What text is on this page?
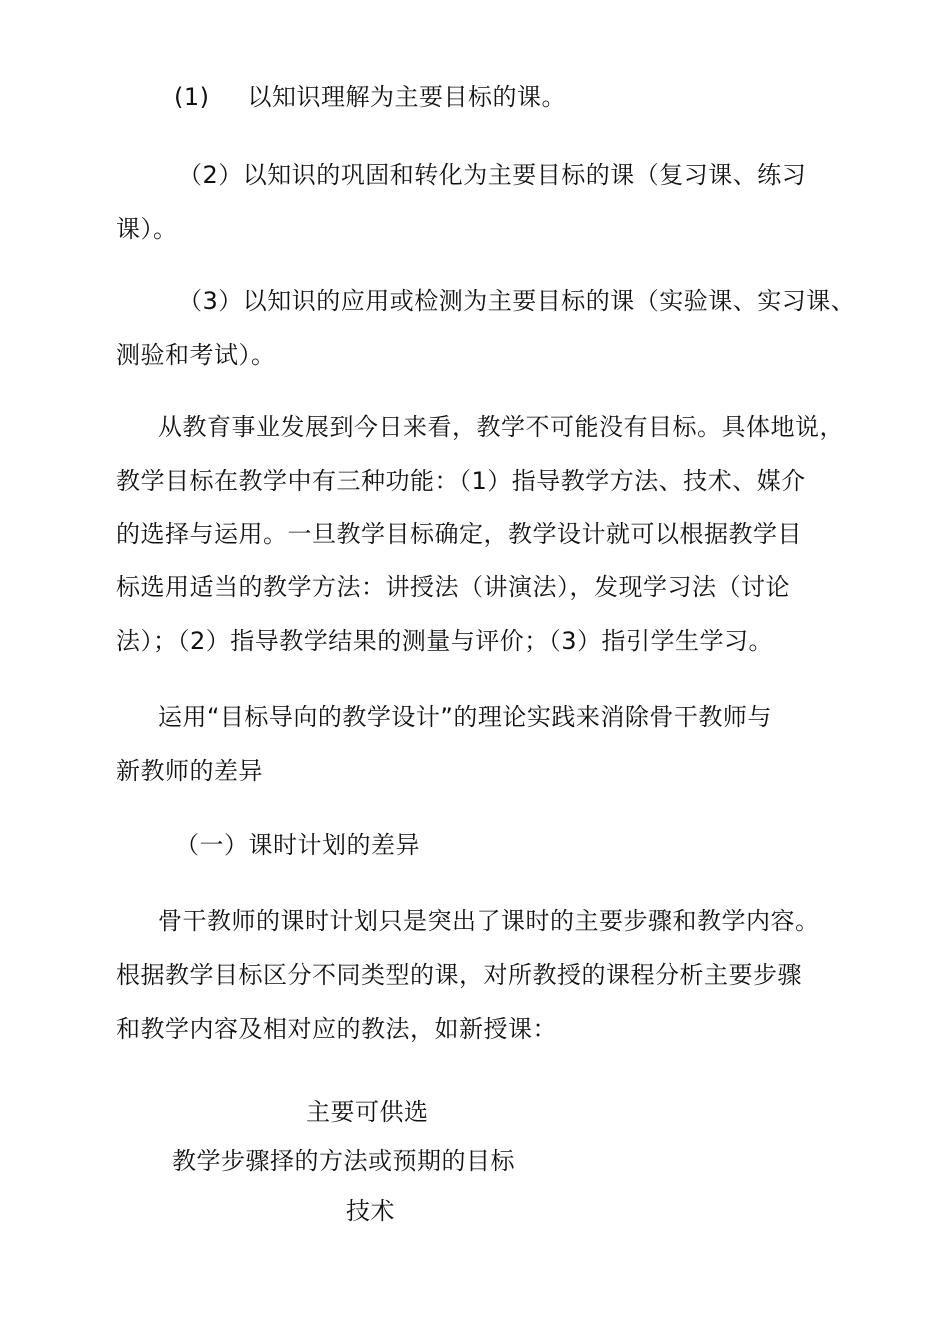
(1) 以知识理解为主要目标的课。
（2）以知识的巩固和转化为主要目标的课（复习课、练习
课）。
（3）以知识的应用或检测为主要目标的课（实验课、实习课、
测验和考试）。
从教育事业发展到今日来看，教学不可能没有目标。具体地说，
教学目标在教学中有三种功能：（1）指导教学方法、技术、媒介
的选择与运用。一旦教学目标确定，教学设计就可以根据教学目
标选用适当的教学方法：讲授法（讲演法），发现学习法（讨论
法）；（2）指导教学结果的测量与评价；（3）指引学生学习。
运用“目标导向的教学设计”的理论实践来消除骨干教师与
新教师的差异
（一）课时计划的差异
骨干教师的课时计划只是突出了课时的主要步骤和教学内容。
根据教学目标区分不同类型的课，对所教授的课程分析主要步骤
和教学内容及相对应的教法，如新授课：
主要可供选
教学步骤择的方法或预期的目标
技术
